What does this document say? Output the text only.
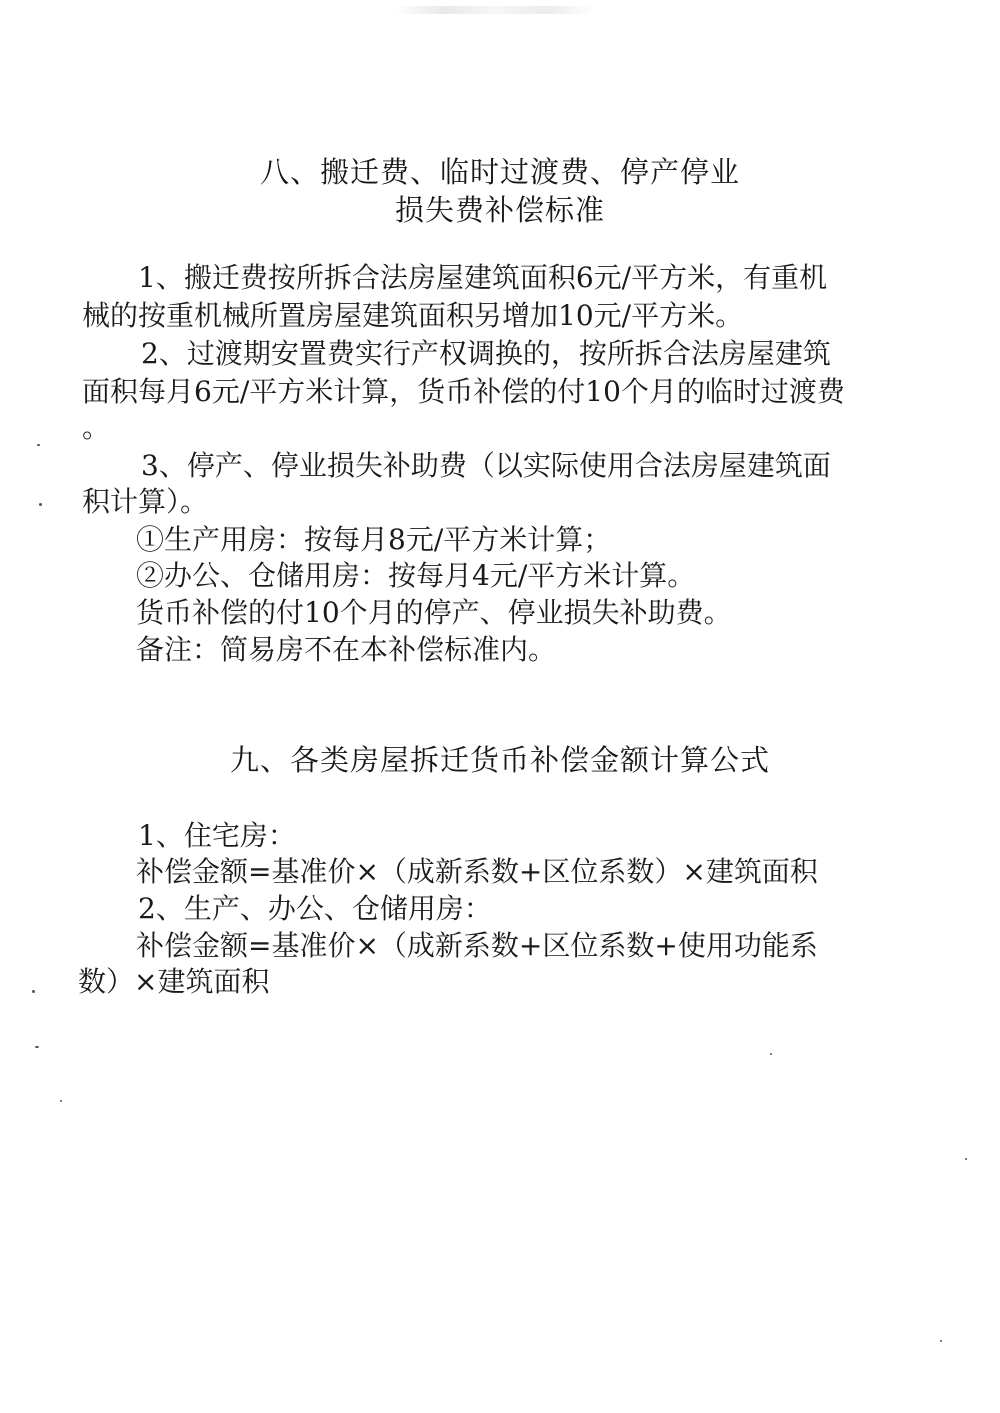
八、搬迁费、临时过渡费、停产停业
损失费补偿标准
1、搬迁费按所拆合法房屋建筑面积6元/平方米，有重机
械的按重机械所置房屋建筑面积另增加10元/平方米。
2、过渡期安置费实行产权调换的，按所拆合法房屋建筑
面积每月6元/平方米计算，货币补偿的付10个月的临时过渡费
。
3、停产、停业损失补助费（以实际使用合法房屋建筑面
积计算）。
①生产用房：按每月8元/平方米计算；
②办公、仓储用房：按每月4元/平方米计算。
货币补偿的付10个月的停产、停业损失补助费。
备注：简易房不在本补偿标准内。
九、各类房屋拆迁货币补偿金额计算公式
1、住宅房：
补偿金额=基准价×（成新系数+区位系数）×建筑面积
2、生产、办公、仓储用房：
补偿金额=基准价×（成新系数+区位系数+使用功能系
数）×建筑面积
